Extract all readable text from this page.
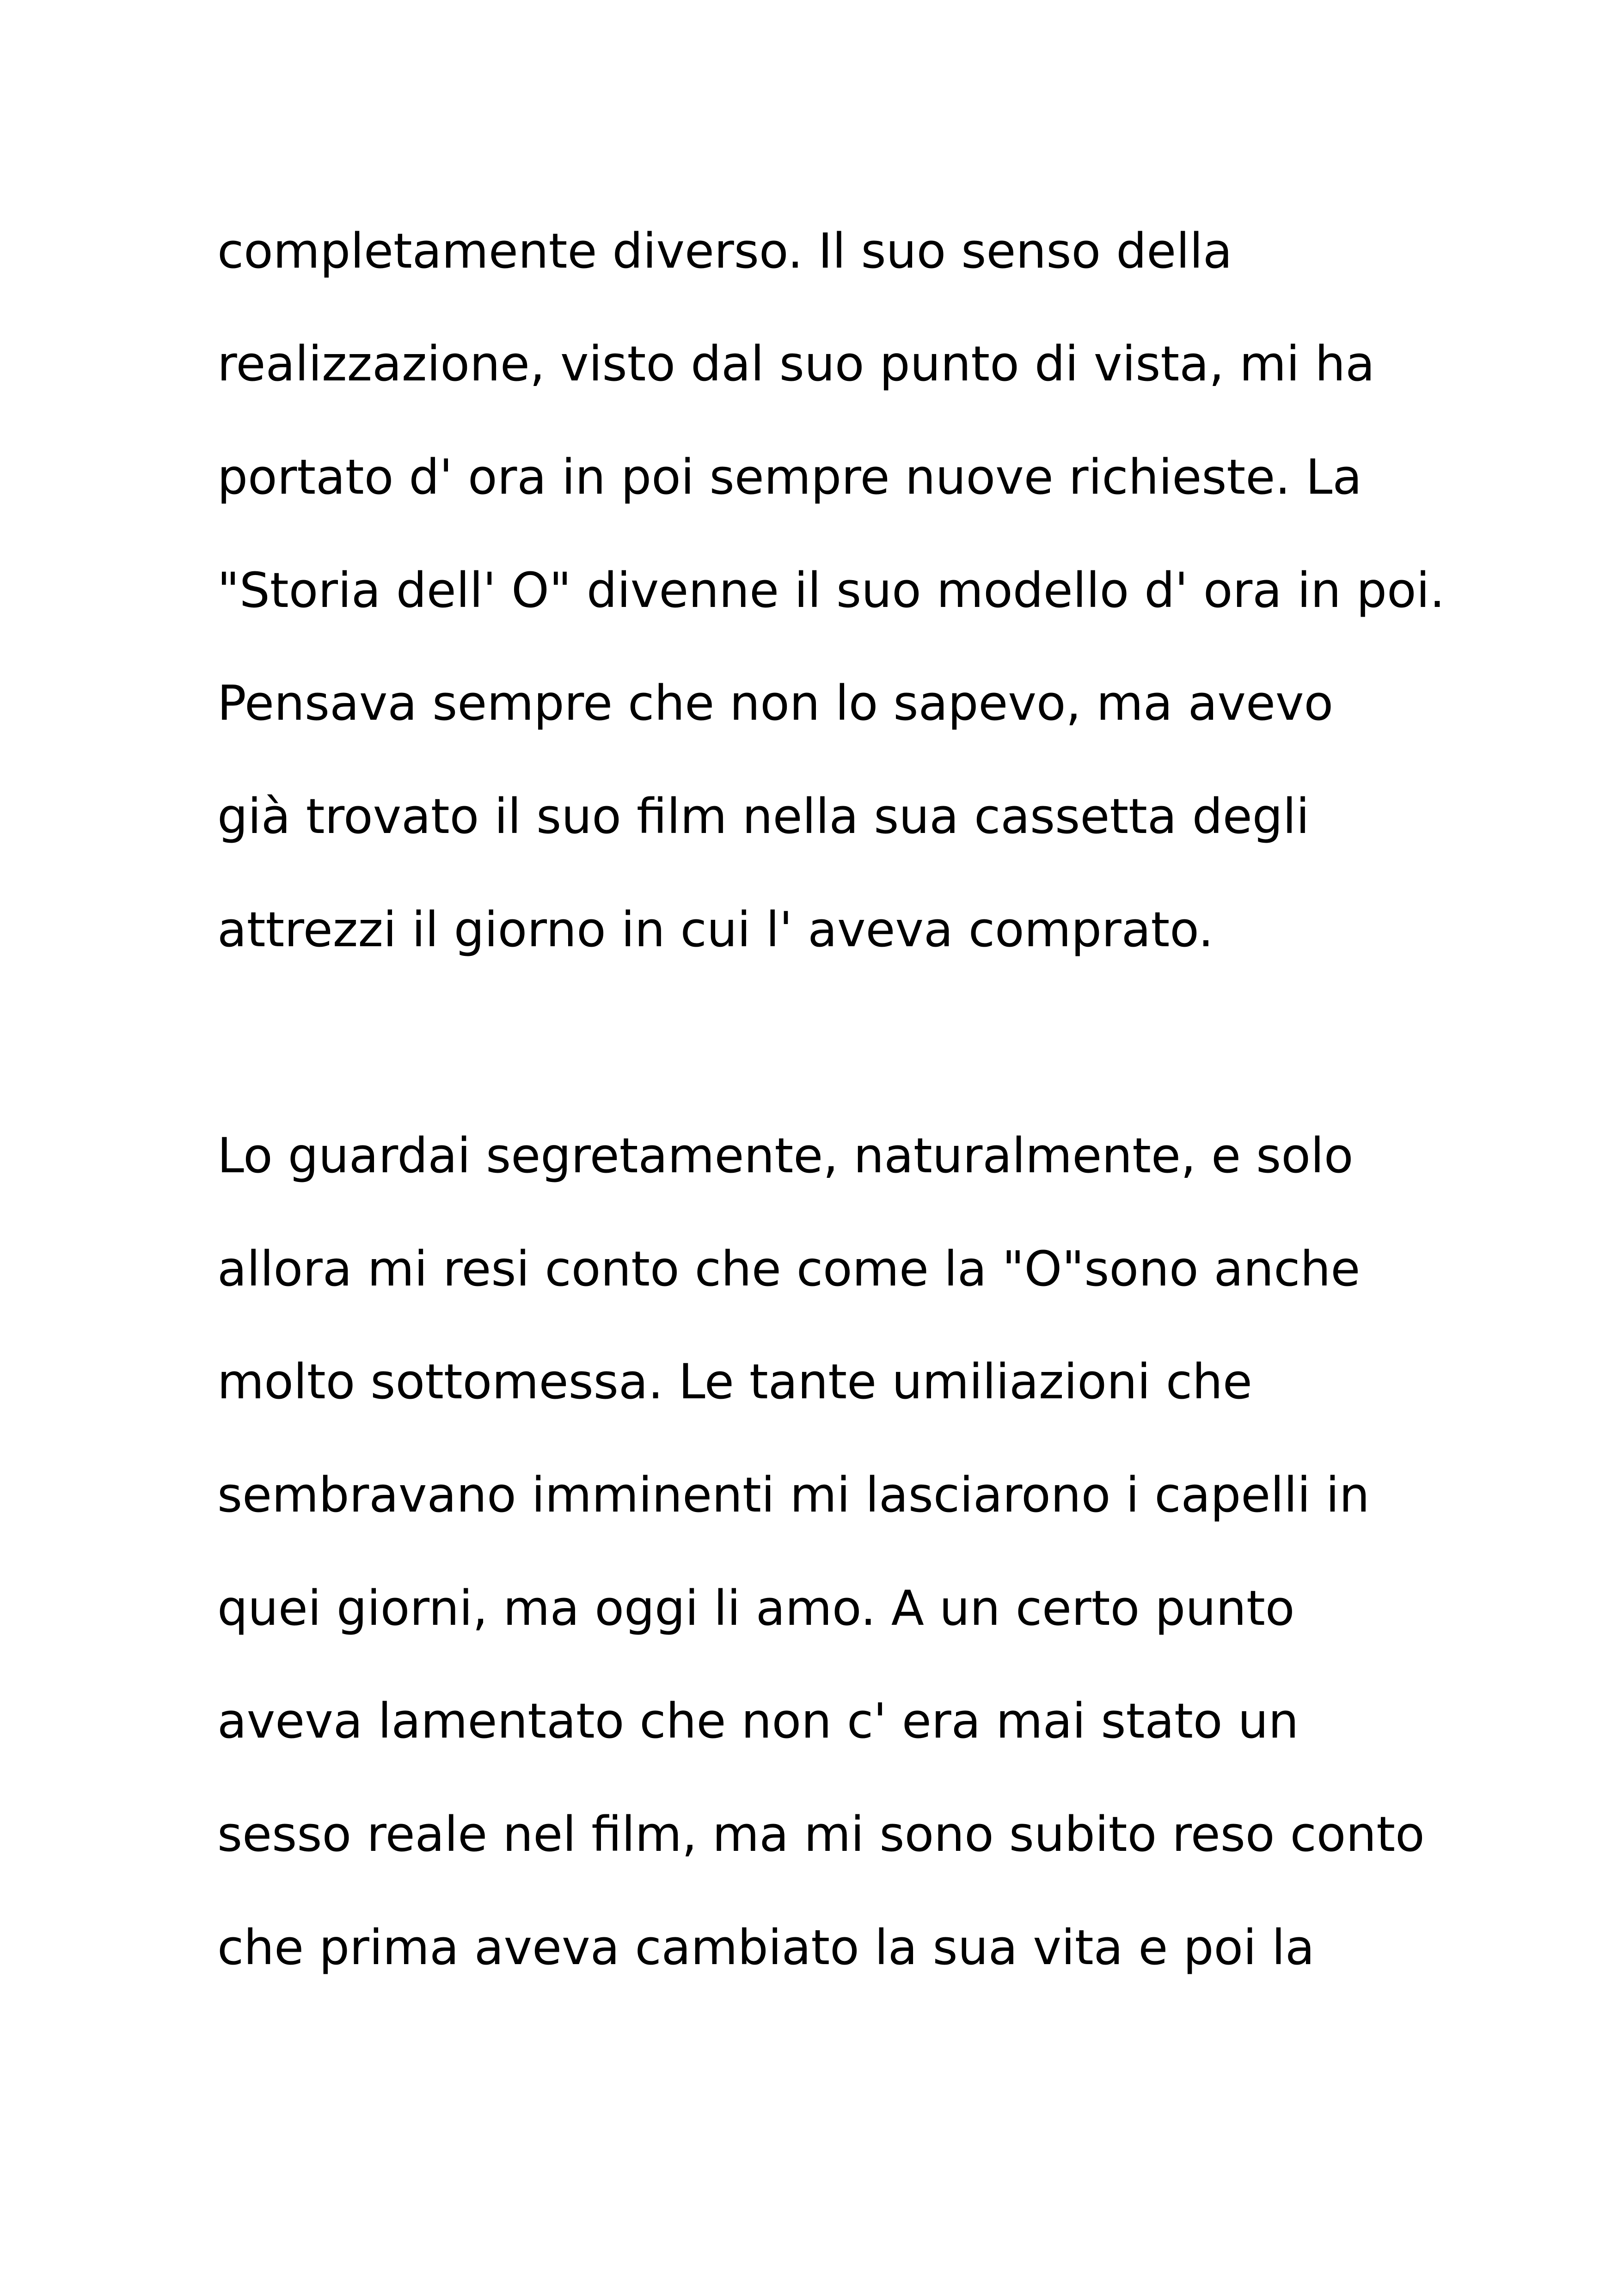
completamente diverso. Il suo senso della

realizzazione, visto dal suo punto di vista, mi ha

portato d' ora in poi sempre nuove richieste. La

"Storia dell' O" divenne il suo modello d' ora in poi.

Pensava sempre che non lo sapevo, ma avevo

già trovato il suo film nella sua cassetta degli

attrezzi il giorno in cui l' aveva comprato.

Lo guardai segretamente, naturalmente, e solo

allora mi resi conto che come la "O"sono anche

molto sottomessa. Le tante umiliazioni che

sembravano imminenti mi lasciarono i capelli in

quei giorni, ma oggi li amo. A un certo punto

aveva lamentato che non c' era mai stato un

sesso reale nel film, ma mi sono subito reso conto

che prima aveva cambiato la sua vita e poi la
